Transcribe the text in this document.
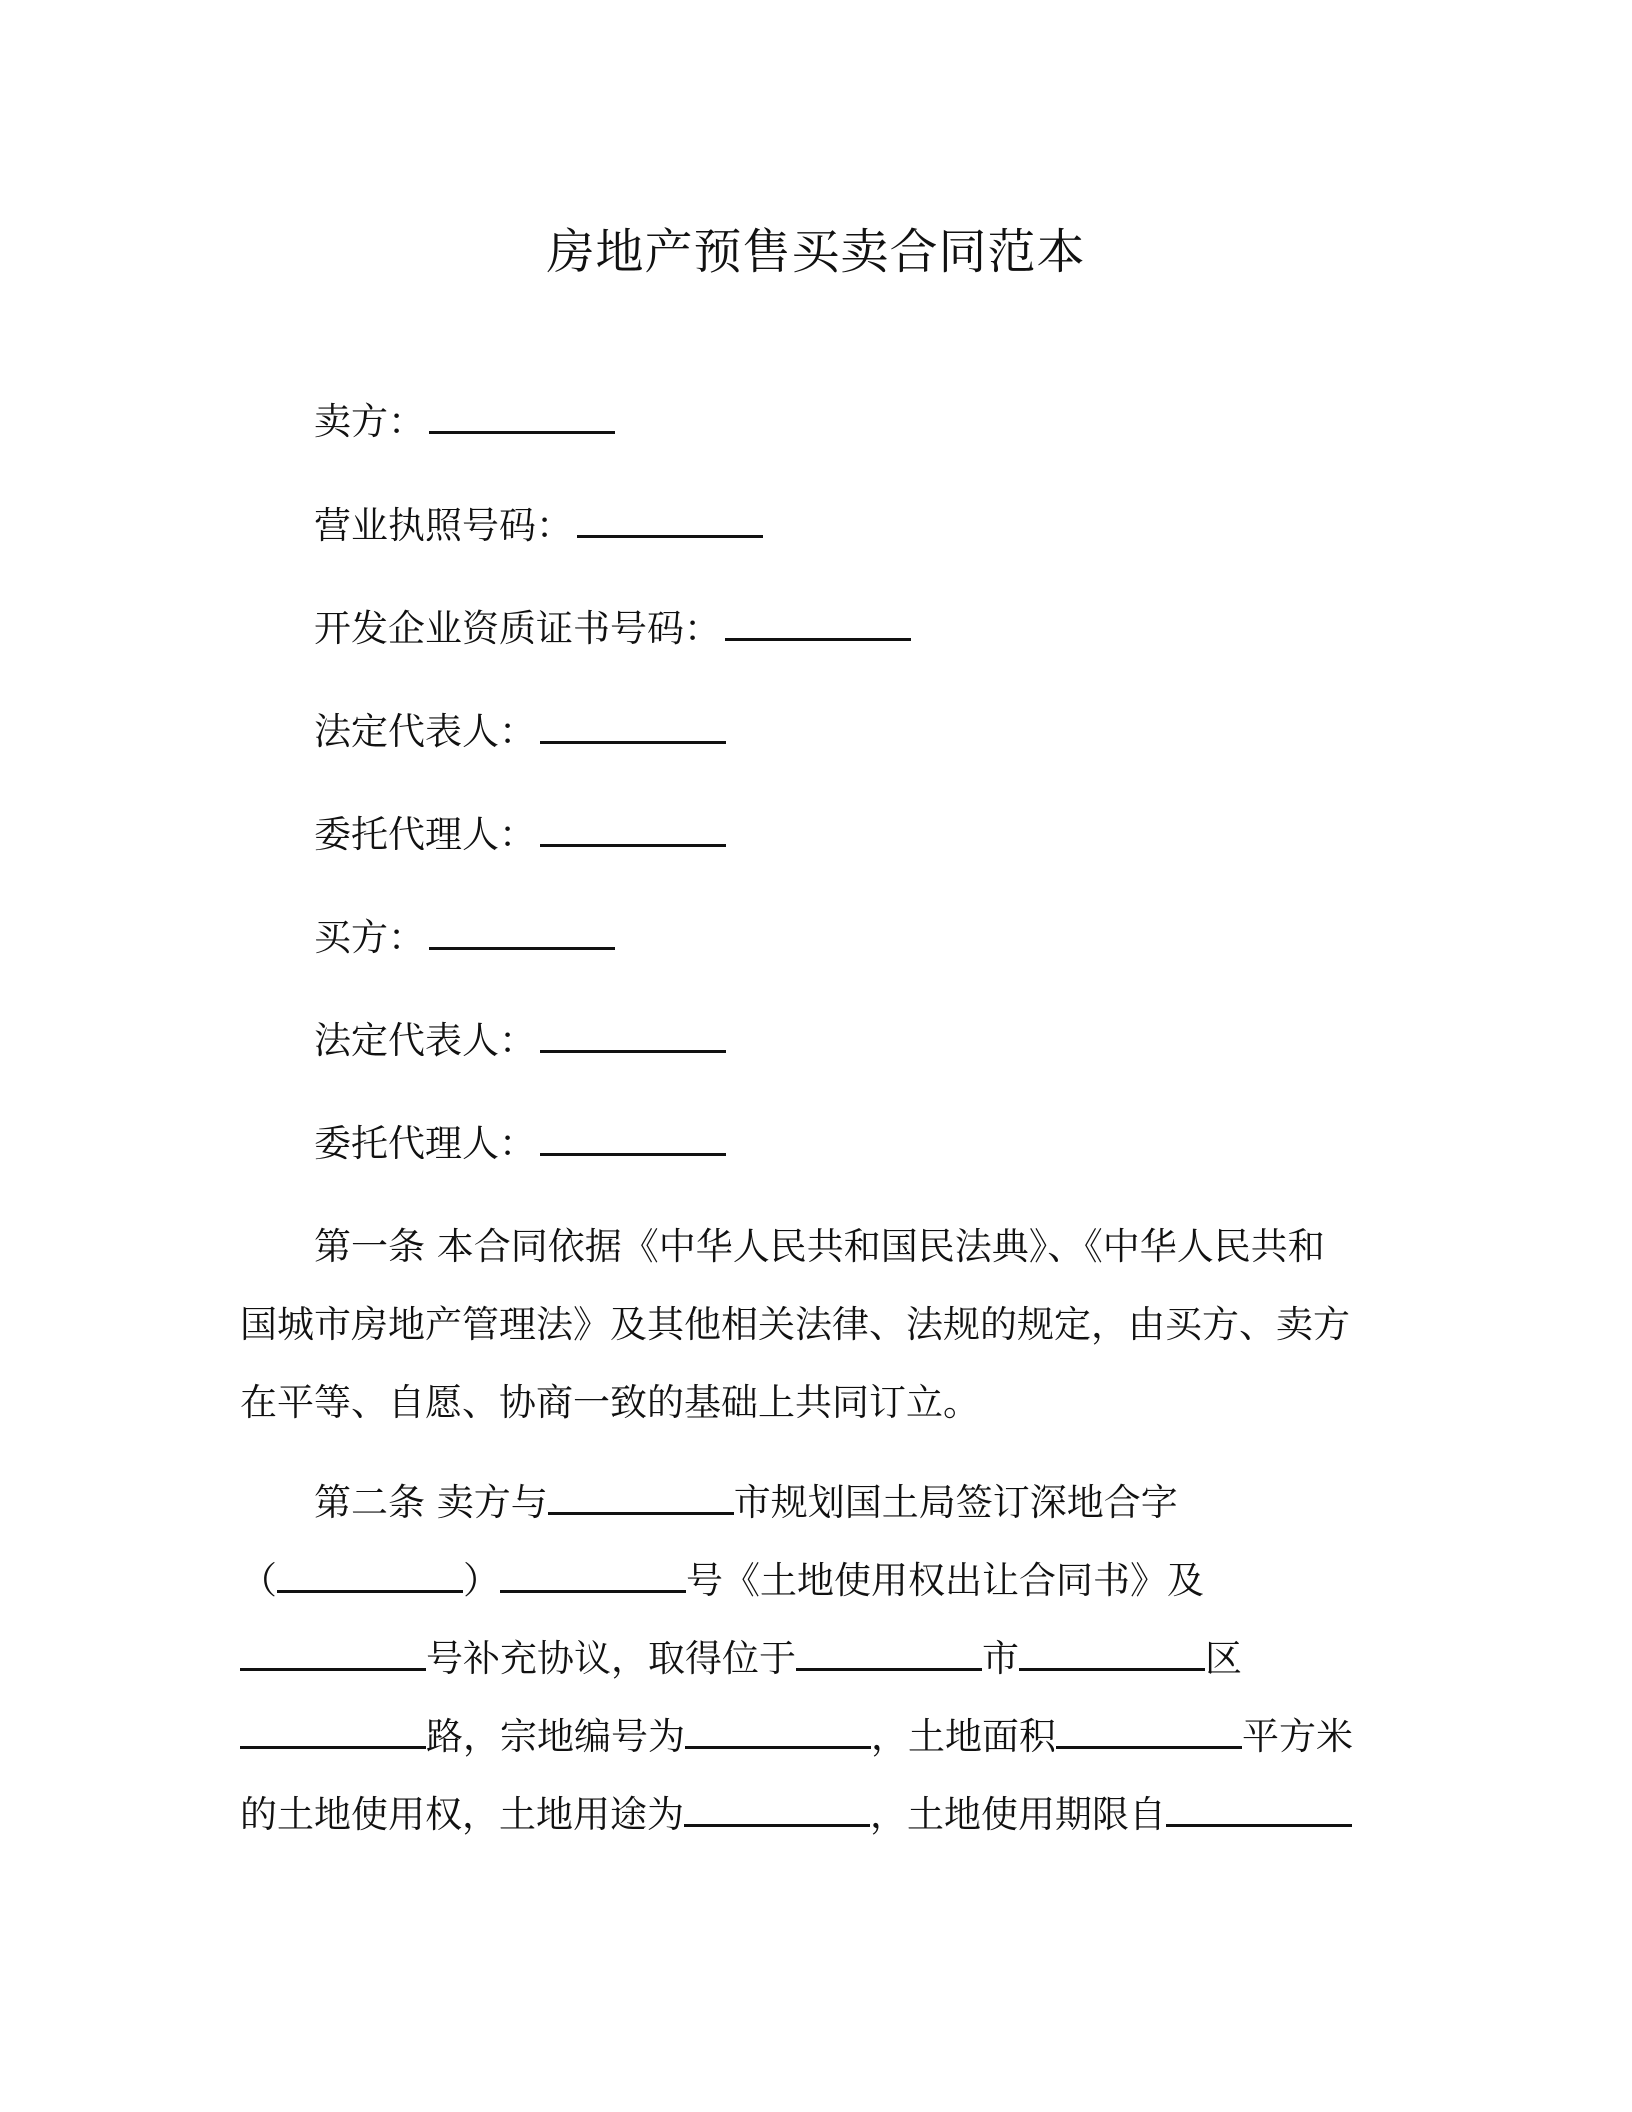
房地产预售买卖合同范本
卖方：
营业执照号码：
开发企业资质证书号码：
法定代表人：
委托代理人：
买方：
法定代表人：
委托代理人：
第一条 本合同依据《中华人民共和国民法典》、《中华人民共和
国城市房地产管理法》及其他相关法律、法规的规定，由买方、卖方
在平等、自愿、协商一致的基础上共同订立。
第二条 卖方与	市规划国土局签订深地合字
（	）	号《土地使用权出让合同书》及
号补充协议，取得位于	市	区
路，宗地编号为	，土地面积	平方米
的土地使用权，土地用途为	，土地使用期限自
